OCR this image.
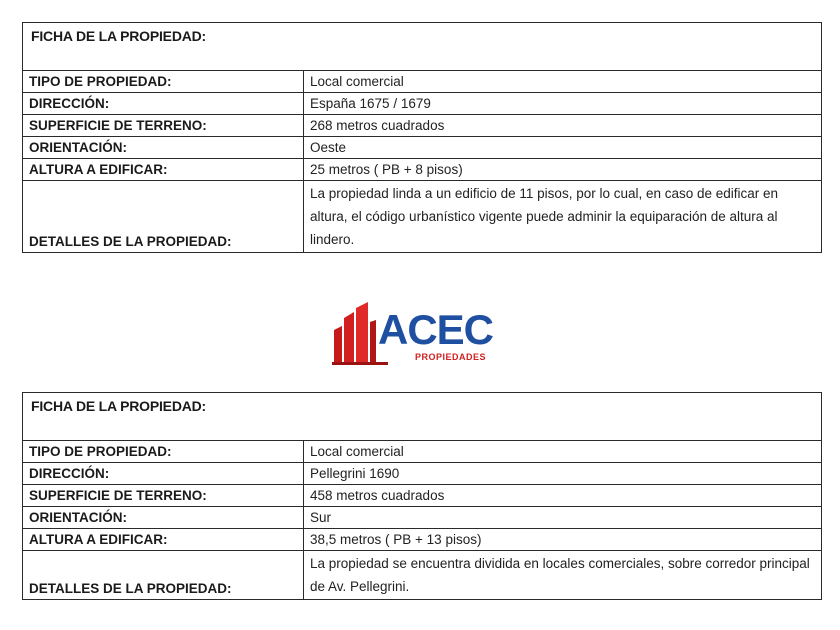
FICHA DE LA PROPIEDAD:
TIPO DE PROPIEDAD:	Local comercial
DIRECCIÓN:	España 1675 / 1679
SUPERFICIE DE TERRENO:	268 metros cuadrados
ORIENTACIÓN:	Oeste
ALTURA A EDIFICAR:	25 metros ( PB + 8 pisos)
DETALLES DE LA PROPIEDAD:	La propiedad linda a un edificio de 11 pisos, por lo cual, en caso de edificar en altura, el código urbanístico vigente puede adminir la equiparación de altura al lindero.
ACEC
PROPIEDADES
FICHA DE LA PROPIEDAD:
TIPO DE PROPIEDAD:	Local comercial
DIRECCIÓN:	Pellegrini 1690
SUPERFICIE DE TERRENO:	458 metros cuadrados
ORIENTACIÓN:	Sur
ALTURA A EDIFICAR:	38,5 metros ( PB + 13 pisos)
DETALLES DE LA PROPIEDAD:	La propiedad se encuentra dividida en locales comerciales, sobre corredor principal de Av. Pellegrini.
